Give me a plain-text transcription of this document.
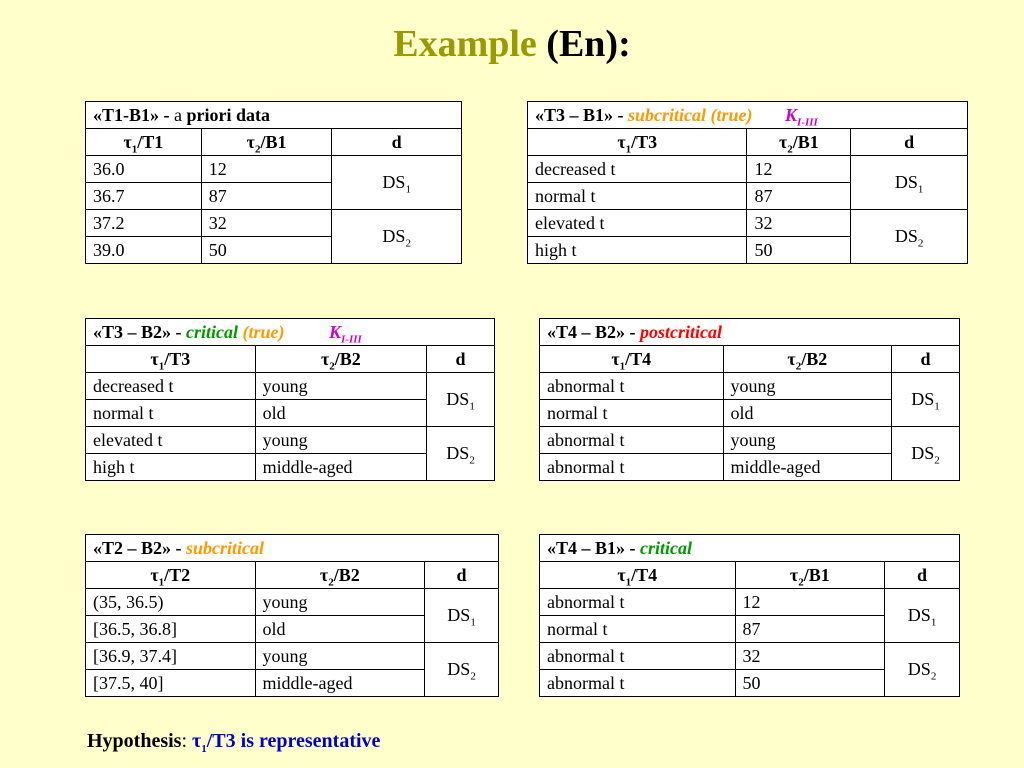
Example (En):
«T1-B1» - a priori data		
$\tau_1/T1$	$\tau_2/B1$	d
36.0	12	$DS_1$
36.7	87	
37.2	32	$DS_2$
39.0	50	
«T3 – B1» - subcritical (true) $K_{I-III}$
$\tau_1/T3$	$\tau_2/B1$	d
decreased t	12	$DS_1$
normal t	87	
elevated t	32	$DS_2$
high t	50	
«T3 – B2» - critical (true) $K_{I-III}$
$\tau_1/T3$	$\tau_2/B2$	d
decreased t	young	$DS_1$
normal t	old	
elevated t	young	$DS_2$
high t	middle-aged	
«T4 – B2» - postcritical		
$\tau_1/T4$	$\tau_2/B2$	d
abnormal t	young	$DS_1$
normal t	old	
abnormal t	young	$DS_2$
abnormal t	middle-aged	
«T2 – B2» - subcritical		
$\tau_1/T2$	$\tau_2/B2$	d
(35, 36.5)	young	$DS_1$
[36.5, 36.8]	old	
[36.9, 37.4]	young	$DS_2$
[37.5, 40]	middle-aged	
«T4 – B1» - critical		
$\tau_1/T4$	$\tau_2/B1$	d
abnormal t	12	$DS_1$
normal t	87	
abnormal t	32	$DS_2$
abnormal t	50	
Hypothesis: $\tau_1/T3$ is representative
